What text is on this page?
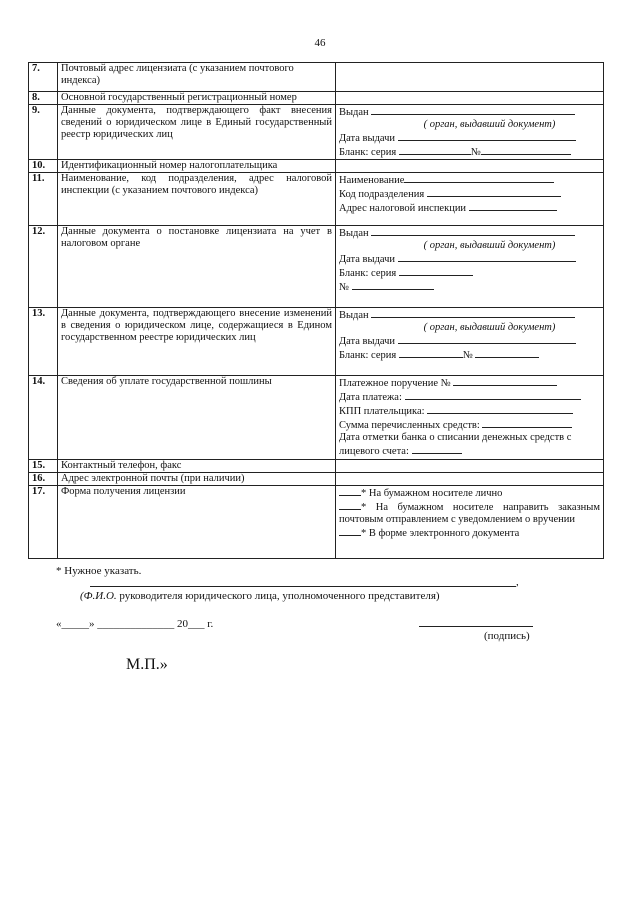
46
7.	Почтовый адрес лицензиата (с указанием почтового индекса)	
8.	Основной государственный регистрационный номер	
9.	Данные документа, подтверждающего факт внесения сведений о юридическом лице в Единый государственный реестр юридических лиц	Выдан
( орган, выдавший документ)
Дата выдачи
Бланк: серия №

10.	Идентификационный номер налогоплательщика	
11.	Наименование, код подразделения, адрес налоговой инспекции (с указанием почтового индекса)	Наименование
Код подразделения
Адрес налоговой инспекции

12.	Данные документа о постановке лицензиата на учет в налоговом органе	Выдан
( орган, выдавший документ)
Дата выдачи
Бланк: серия
№

13.	Данные документа, подтверждающего внесение изменений в сведения о юридическом лице, содержащиеся в Едином государственном реестре юридических лиц	Выдан
( орган, выдавший документ)
Дата выдачи
Бланк: серия №

14.	Сведения об уплате государственной пошлины	Платежное поручение №
Дата платежа:
КПП плательщика:
Сумма перечисленных средств:
Дата отметки банка о списании денежных средств с лицевого счета:

15.	Контактный телефон, факс	
16.	Адрес электронной почты (при наличии)	
17.	Форма получения лицензии	* На бумажном носителе лично
* На бумажном носителе направить заказным почтовым отправлением с уведомлением о вручении
* В форме электронного документа
* Нужное указать.
,
(Ф.И.О. руководителя юридического лица, уполномоченного представителя)
«_____» ______________ 20___ г.
(подпись)
М.П.»
